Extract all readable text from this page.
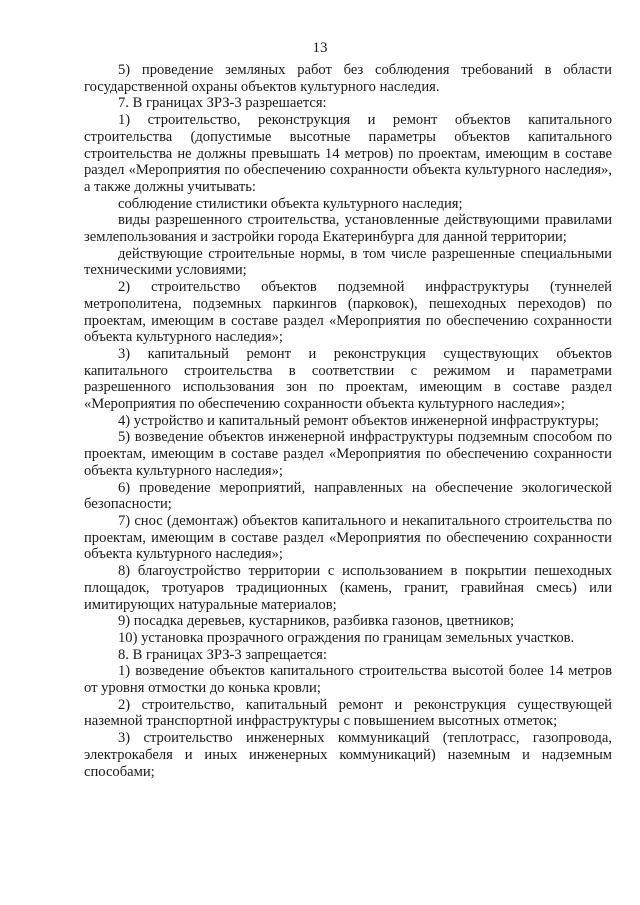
13

5) проведение земляных работ без соблюдения требований в области государственной охраны объектов культурного наследия.

7. В границах ЗРЗ-3 разрешается:

1) строительство, реконструкция и ремонт объектов капитального строительства (допустимые высотные параметры объектов капитального строительства не должны превышать 14 метров) по проектам, имеющим в составе раздел «Мероприятия по обеспечению сохранности объекта культурного наследия», а также должны учитывать:

соблюдение стилистики объекта культурного наследия;

виды разрешенного строительства, установленные действующими правилами землепользования и застройки города Екатеринбурга для данной территории;

действующие строительные нормы, в том числе разрешенные специальными техническими условиями;

2) строительство объектов подземной инфраструктуры (туннелей метрополитена, подземных паркингов (парковок), пешеходных переходов) по проектам, имеющим в составе раздел «Мероприятия по обеспечению сохранности объекта культурного наследия»;

3) капитальный ремонт и реконструкция существующих объектов капитального строительства в соответствии с режимом и параметрами разрешенного использования зон по проектам, имеющим в составе раздел «Мероприятия по обеспечению сохранности объекта культурного наследия»;

4) устройство и капитальный ремонт объектов инженерной инфраструктуры;

5) возведение объектов инженерной инфраструктуры подземным способом по проектам, имеющим в составе раздел «Мероприятия по обеспечению сохранности объекта культурного наследия»;

6) проведение мероприятий, направленных на обеспечение экологической безопасности;

7) снос (демонтаж) объектов капитального и некапитального строительства по проектам, имеющим в составе раздел «Мероприятия по обеспечению сохранности объекта культурного наследия»;

8) благоустройство территории с использованием в покрытии пешеходных площадок, тротуаров традиционных (камень, гранит, гравийная смесь) или имитирующих натуральные материалов;

9) посадка деревьев, кустарников, разбивка газонов, цветников;

10) установка прозрачного ограждения по границам земельных участков.

8. В границах ЗРЗ-3 запрещается:

1) возведение объектов капитального строительства высотой более 14 метров от уровня отмостки до конька кровли;

2) строительство, капитальный ремонт и реконструкция существующей наземной транспортной инфраструктуры с повышением высотных отметок;

3) строительство инженерных коммуникаций (теплотрасс, газопровода, электрокабеля и иных инженерных коммуникаций) наземным и надземным способами;
